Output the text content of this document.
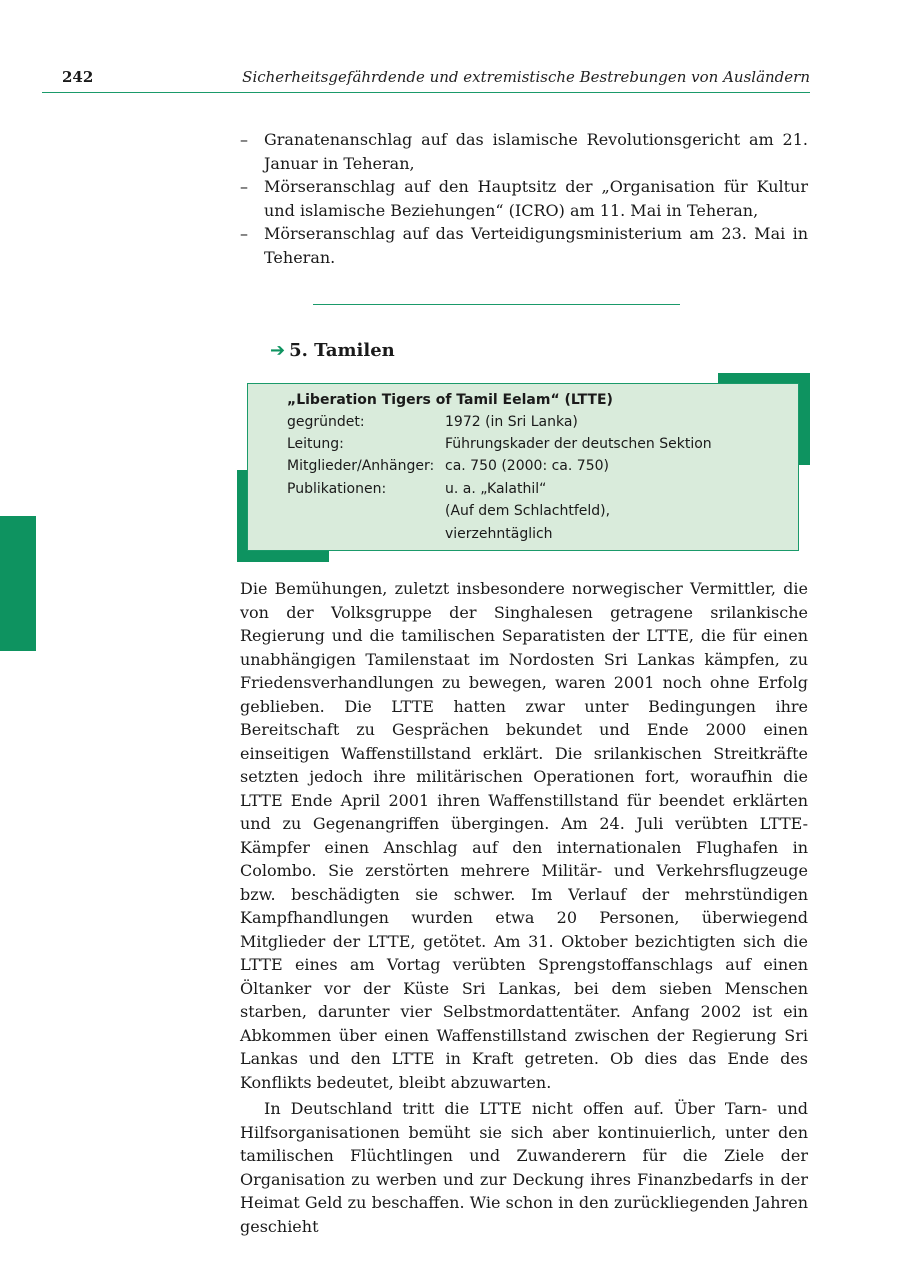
242	Sicherheitsgefährdende und extremistische Bestrebungen von Ausländern
– Granatenanschlag auf das islamische Revolutionsgericht am 21. Januar in Teheran,
– Mörseranschlag auf den Hauptsitz der „Organisation für Kultur und islamische Beziehungen“ (ICRO) am 11. Mai in Teheran,
– Mörseranschlag auf das Verteidigungsministerium am 23. Mai in Teheran.
➔ 5. Tamilen
„Liberation Tigers of Tamil Eelam“ (LTTE)
gegründet:	1972 (in Sri Lanka)
Leitung:	Führungskader der deutschen Sektion
Mitglieder/Anhänger: ca. 750 (2000: ca. 750)
Publikationen:	u. a. „Kalathil“
(Auf dem Schlachtfeld),
vierzehntäglich

Die Bemühungen, zuletzt insbesondere norwegischer Vermittler, die von der Volksgruppe der Singhalesen getragene srilankische Regierung und die tamilischen Separatisten der LTTE, die für einen unabhängigen Tamilenstaat im Nordosten Sri Lankas kämpfen, zu Friedensverhandlungen zu bewegen, waren 2001 noch ohne Erfolg geblieben. Die LTTE hatten zwar unter Bedingungen ihre Bereitschaft zu Gesprächen bekundet und Ende 2000 einen einseitigen Waffenstillstand erklärt. Die srilankischen Streitkräfte setzten jedoch ihre militärischen Operationen fort, woraufhin die LTTE Ende April 2001 ihren Waffenstillstand für beendet erklärten und zu Gegenangriffen übergingen. Am 24. Juli verübten LTTE-Kämpfer einen Anschlag auf den internationalen Flughafen in Colombo. Sie zerstörten mehrere Militär- und Verkehrsflugzeuge bzw. beschädigten sie schwer. Im Verlauf der mehrstündigen Kampfhandlungen wurden etwa 20 Personen, überwiegend Mitglieder der LTTE, getötet. Am 31. Oktober bezichtigten sich die LTTE eines am Vortag verübten Sprengstoffanschlags auf einen Öltanker vor der Küste Sri Lankas, bei dem sieben Menschen starben, darunter vier Selbstmordattentäter. Anfang 2002 ist ein Abkommen über einen Waffenstillstand zwischen der Regierung Sri Lankas und den LTTE in Kraft getreten. Ob dies das Ende des Konflikts bedeutet, bleibt abzuwarten.

In Deutschland tritt die LTTE nicht offen auf. Über Tarn- und Hilfsorganisationen bemüht sie sich aber kontinuierlich, unter den tamilischen Flüchtlingen und Zuwanderern für die Ziele der Organisation zu werben und zur Deckung ihres Finanzbedarfs in der Heimat Geld zu beschaffen. Wie schon in den zurückliegenden Jahren geschieht
